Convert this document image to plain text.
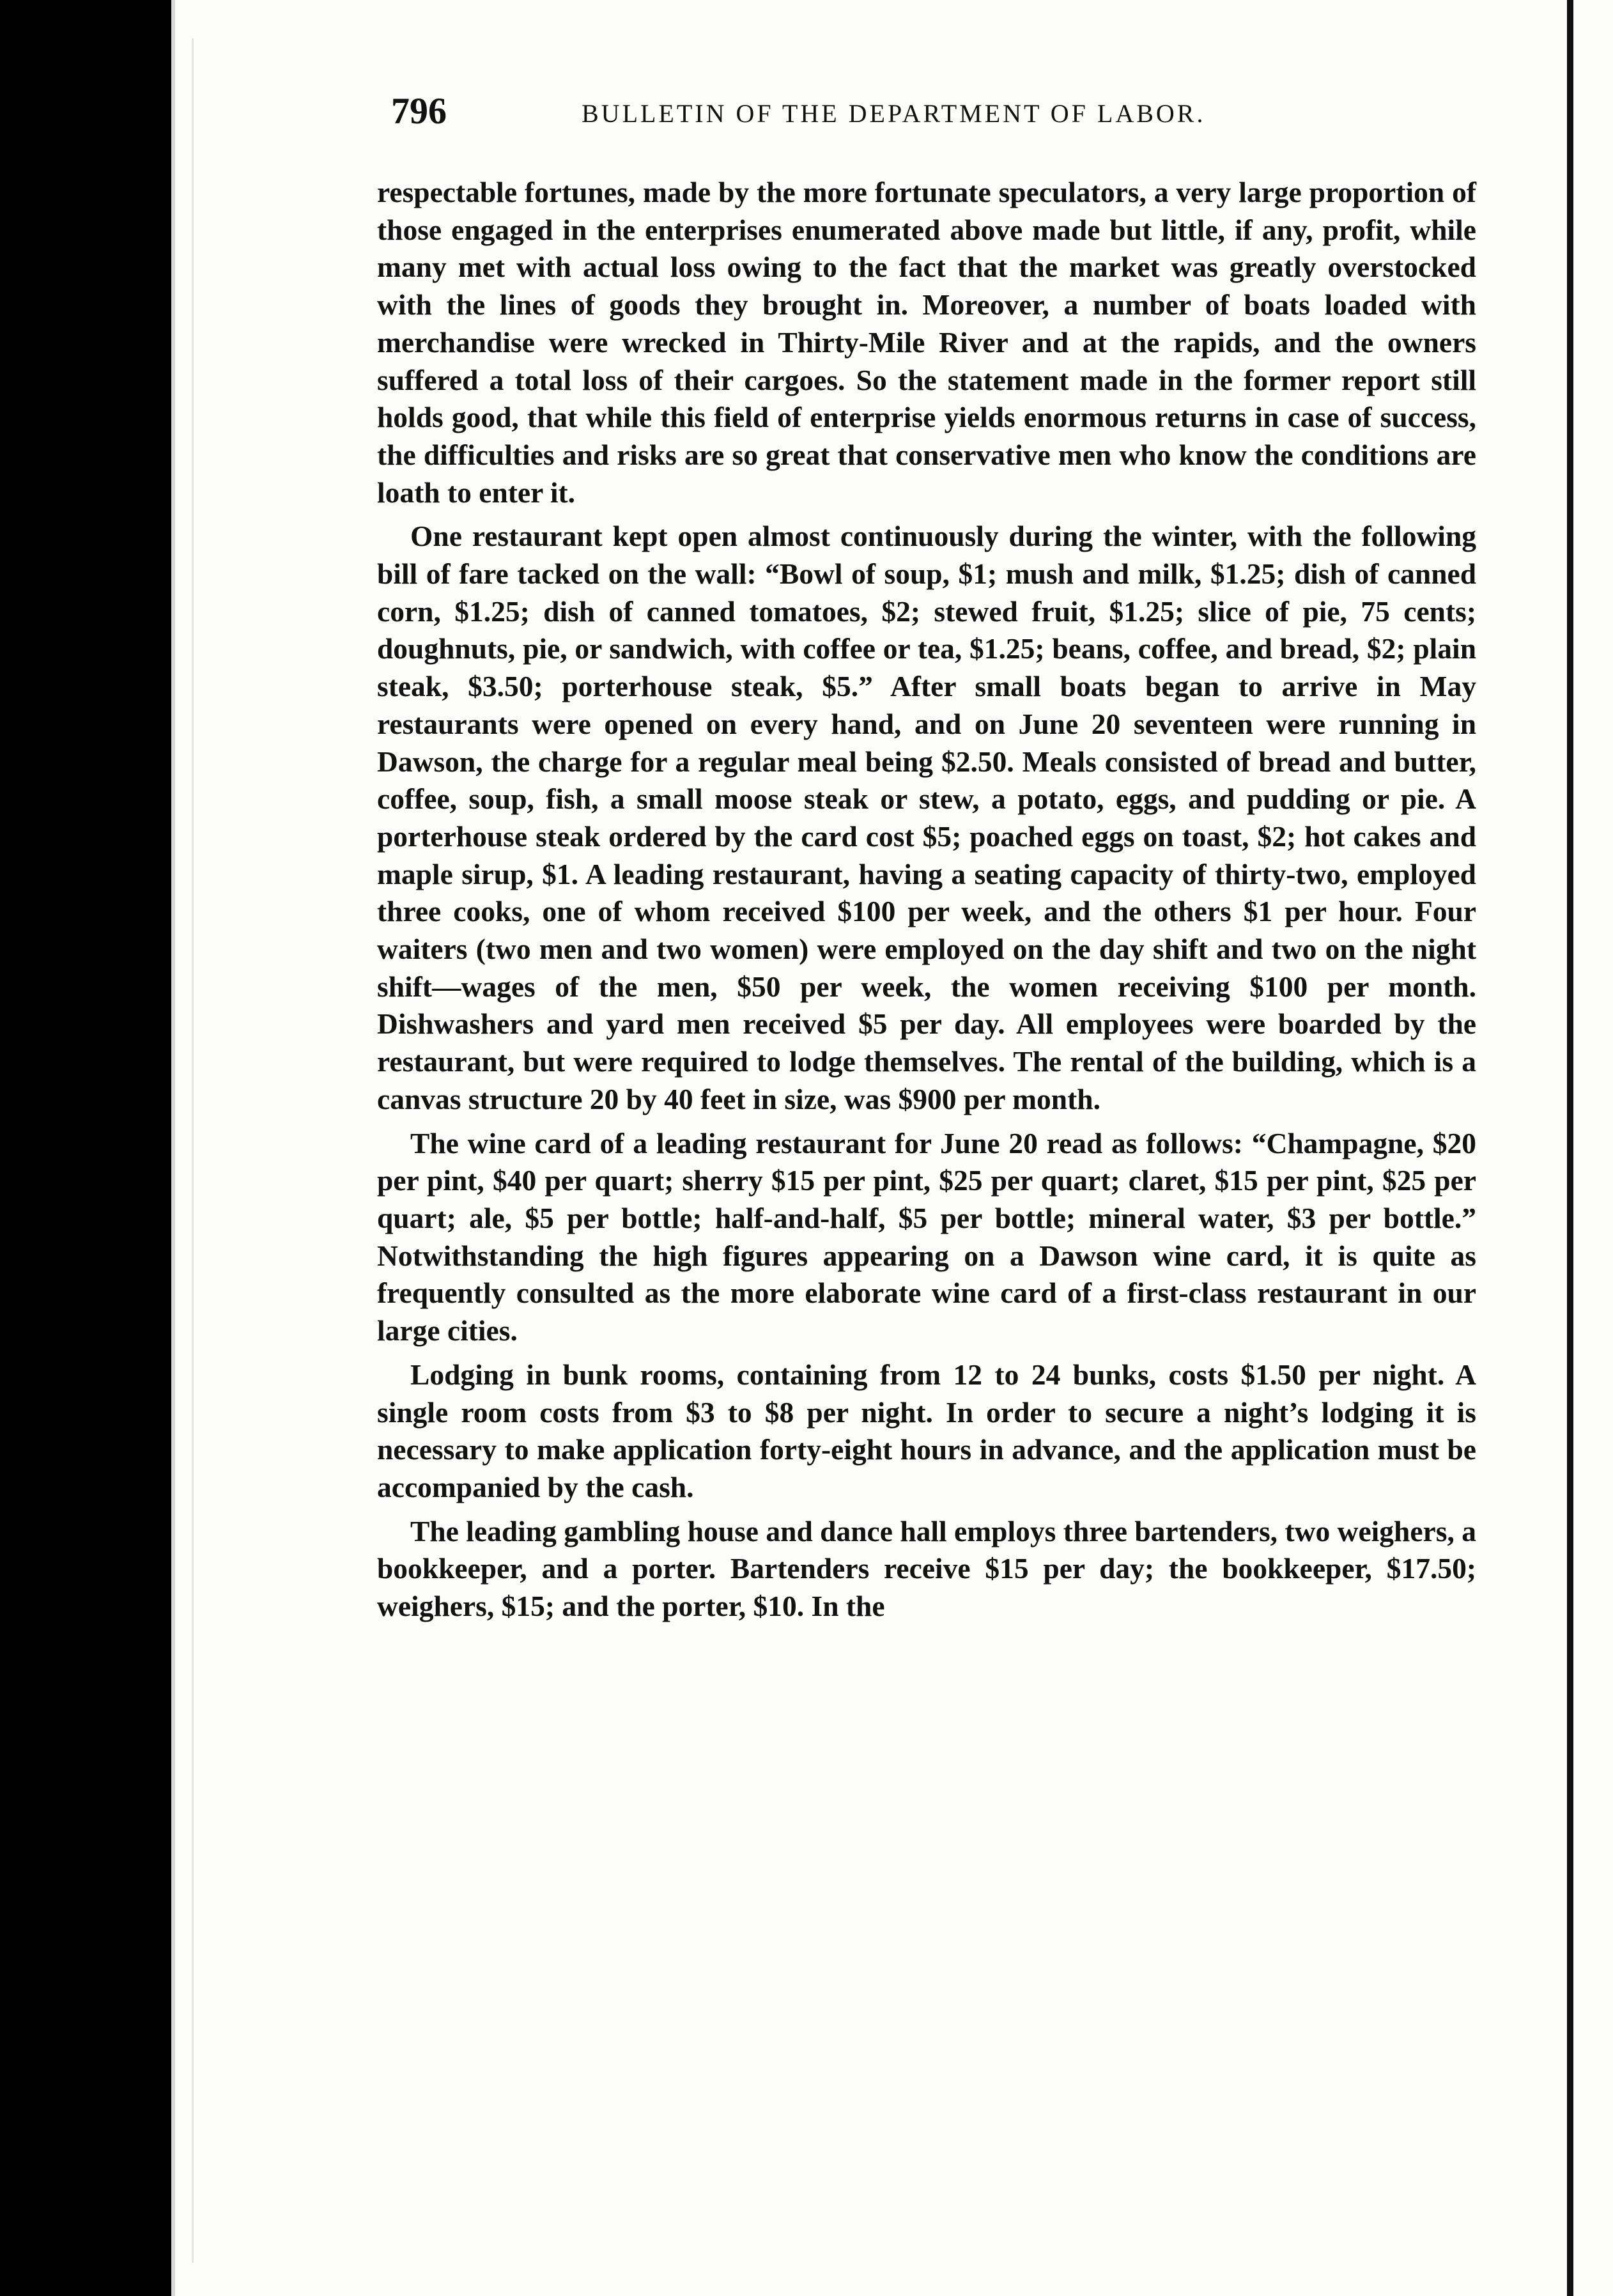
796	BULLETIN OF THE DEPARTMENT OF LABOR.

respectable fortunes, made by the more fortunate speculators, a very large proportion of those engaged in the enterprises enumerated above made but little, if any, profit, while many met with actual loss owing to the fact that the market was greatly overstocked with the lines of goods they brought in. Moreover, a number of boats loaded with merchandise were wrecked in Thirty-Mile River and at the rapids, and the owners suffered a total loss of their cargoes. So the statement made in the former report still holds good, that while this field of enterprise yields enormous returns in case of success, the difficulties and risks are so great that conservative men who know the conditions are loath to enter it.

One restaurant kept open almost continuously during the winter, with the following bill of fare tacked on the wall: “Bowl of soup, $1; mush and milk, $1.25; dish of canned corn, $1.25; dish of canned tomatoes, $2; stewed fruit, $1.25; slice of pie, 75 cents; doughnuts, pie, or sandwich, with coffee or tea, $1.25; beans, coffee, and bread, $2; plain steak, $3.50; porterhouse steak, $5.” After small boats began to arrive in May restaurants were opened on every hand, and on June 20 seventeen were running in Dawson, the charge for a regular meal being $2.50. Meals consisted of bread and butter, coffee, soup, fish, a small moose steak or stew, a potato, eggs, and pudding or pie. A porterhouse steak ordered by the card cost $5; poached eggs on toast, $2; hot cakes and maple sirup, $1. A leading restaurant, having a seating capacity of thirty-two, employed three cooks, one of whom received $100 per week, and the others $1 per hour. Four waiters (two men and two women) were employed on the day shift and two on the night shift—wages of the men, $50 per week, the women receiving $100 per month. Dishwashers and yard men received $5 per day. All employees were boarded by the restaurant, but were required to lodge themselves. The rental of the building, which is a canvas structure 20 by 40 feet in size, was $900 per month.

The wine card of a leading restaurant for June 20 read as follows: “Champagne, $20 per pint, $40 per quart; sherry $15 per pint, $25 per quart; claret, $15 per pint, $25 per quart; ale, $5 per bottle; half-and-half, $5 per bottle; mineral water, $3 per bottle.” Notwithstanding the high figures appearing on a Dawson wine card, it is quite as frequently consulted as the more elaborate wine card of a first-class restaurant in our large cities.

Lodging in bunk rooms, containing from 12 to 24 bunks, costs $1.50 per night. A single room costs from $3 to $8 per night. In order to secure a night’s lodging it is necessary to make application forty-eight hours in advance, and the application must be accompanied by the cash.

The leading gambling house and dance hall employs three bartenders, two weighers, a bookkeeper, and a porter. Bartenders receive $15 per day; the bookkeeper, $17.50; weighers, $15; and the porter, $10. In the
